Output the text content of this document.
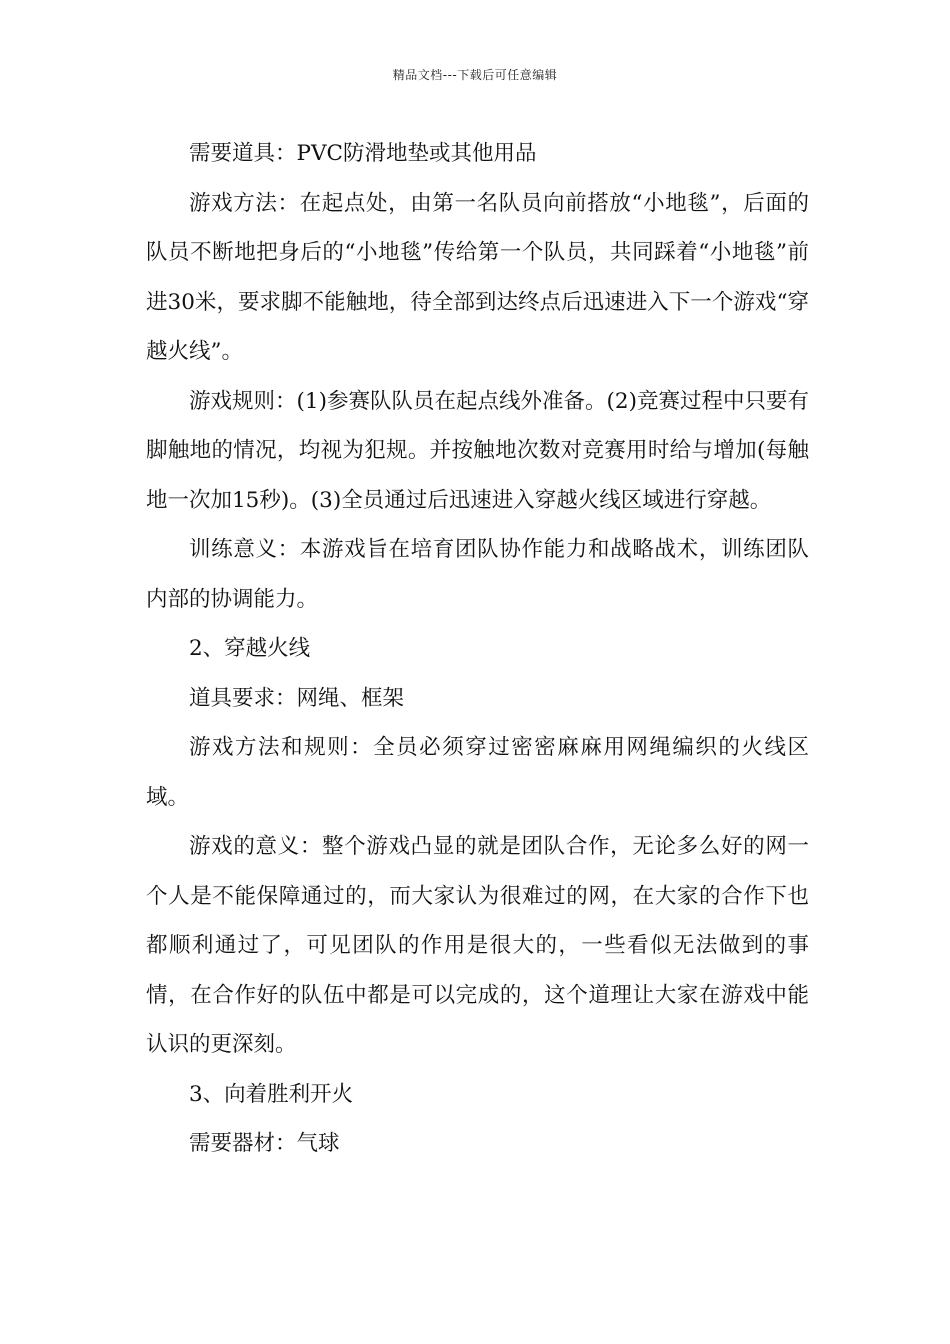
精品文档---下载后可任意编辑

需要道具：PVC防滑地垫或其他用品

游戏方法：在起点处，由第一名队员向前搭放“小地毯”，后面的队员不断地把身后的“小地毯”传给第一个队员，共同踩着“小地毯”前进30米，要求脚不能触地，待全部到达终点后迅速进入下一个游戏“穿越火线”。

游戏规则：(1)参赛队队员在起点线外准备。(2)竞赛过程中只要有脚触地的情况，均视为犯规。并按触地次数对竞赛用时给与增加(每触地一次加15秒)。(3)全员通过后迅速进入穿越火线区域进行穿越。

训练意义：本游戏旨在培育团队协作能力和战略战术，训练团队内部的协调能力。

2、穿越火线

道具要求：网绳、框架

游戏方法和规则：全员必须穿过密密麻麻用网绳编织的火线区域。

游戏的意义：整个游戏凸显的就是团队合作，无论多么好的网一个人是不能保障通过的，而大家认为很难过的网，在大家的合作下也都顺利通过了，可见团队的作用是很大的，一些看似无法做到的事情，在合作好的队伍中都是可以完成的，这个道理让大家在游戏中能认识的更深刻。

3、向着胜利开火

需要器材：气球
